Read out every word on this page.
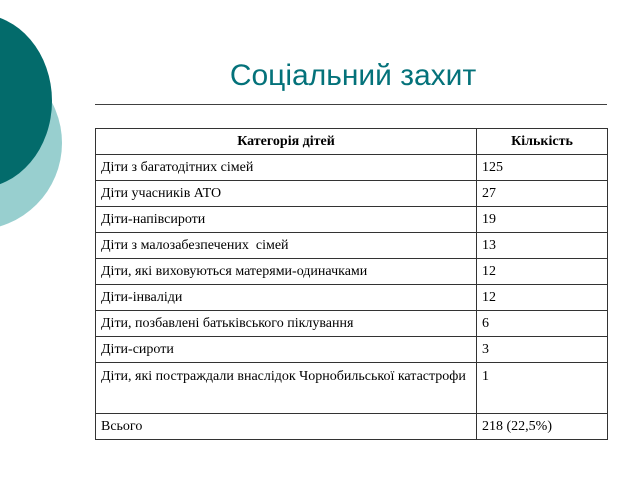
Соціальний захит
Категорія дітей	Кількість
Діти з багатодітних сімей	125
Діти учасників АТО	27
Діти-напівсироти	19
Діти з малозабезпечених  сімей	13
Діти, які виховуються матерями-одиначками	12
Діти-інваліди	12
Діти, позбавлені батьківського піклування	6
Діти-сироти	3

Діти, які постраждали внаслідок Чорнобильської катастрофи	1
Всього	218 (22,5%)
